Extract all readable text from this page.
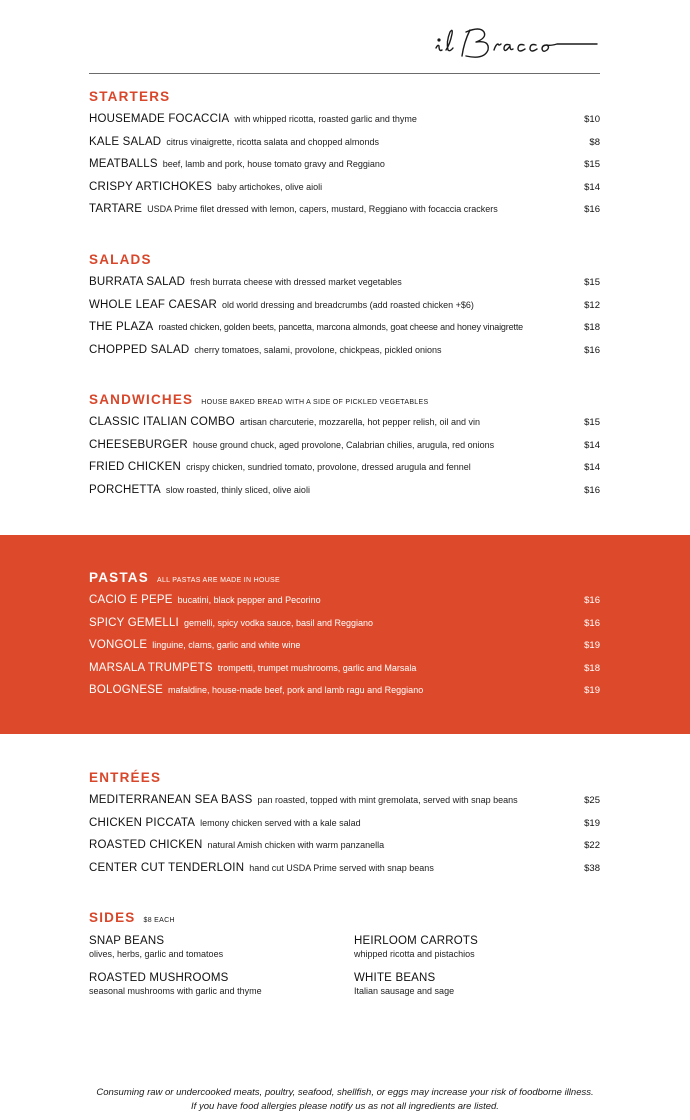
STARTERS
HOUSEMADE FOCACCIA with whipped ricotta, roasted garlic and thyme	$10
KALE SALAD citrus vinaigrette, ricotta salata and chopped almonds	$8
MEATBALLS beef, lamb and pork, house tomato gravy and Reggiano	$15
CRISPY ARTICHOKES baby artichokes, olive aioli	$14
TARTARE USDA Prime filet dressed with lemon, capers, mustard, Reggiano with focaccia crackers	$16
SALADS
BURRATA SALAD fresh burrata cheese with dressed market vegetables	$15
WHOLE LEAF CAESAR old world dressing and breadcrumbs (add roasted chicken +$6)	$12
THE PLAZA roasted chicken, golden beets, pancetta, marcona almonds, goat cheese and honey vinaigrette	$18
CHOPPED SALAD cherry tomatoes, salami, provolone, chickpeas, pickled onions	$16
SANDWICHES HOUSE BAKED BREAD WITH A SIDE OF PICKLED VEGETABLES
CLASSIC ITALIAN COMBO artisan charcuterie, mozzarella, hot pepper relish, oil and vin	$15
CHEESEBURGER house ground chuck, aged provolone, Calabrian chilies, arugula, red onions	$14
FRIED CHICKEN crispy chicken, sundried tomato, provolone, dressed arugula and fennel	$14
PORCHETTA slow roasted, thinly sliced, olive aioli	$16
PASTAS ALL PASTAS ARE MADE IN HOUSE
CACIO E PEPE bucatini, black pepper and Pecorino	$16
SPICY GEMELLI gemelli, spicy vodka sauce, basil and Reggiano	$16
VONGOLE linguine, clams, garlic and white wine	$19
MARSALA TRUMPETS trompetti, trumpet mushrooms, garlic and Marsala	$18
BOLOGNESE mafaldine, house-made beef, pork and lamb ragu and Reggiano	$19
ENTRÉES
MEDITERRANEAN SEA BASS pan roasted, topped with mint gremolata, served with snap beans	$25
CHICKEN PICCATA lemony chicken served with a kale salad	$19
ROASTED CHICKEN natural Amish chicken with warm panzanella	$22
CENTER CUT TENDERLOIN hand cut USDA Prime served with snap beans	$38
SIDES $8 EACH
SNAP BEANS
olives, herbs, garlic and tomatoes
HEIRLOOM CARROTS
whipped ricotta and pistachios
ROASTED MUSHROOMS
seasonal mushrooms with garlic and thyme
WHITE BEANS
Italian sausage and sage
Consuming raw or undercooked meats, poultry, seafood, shellfish, or eggs may increase your risk of foodborne illness.
If you have food allergies please notify us as not all ingredients are listed.
